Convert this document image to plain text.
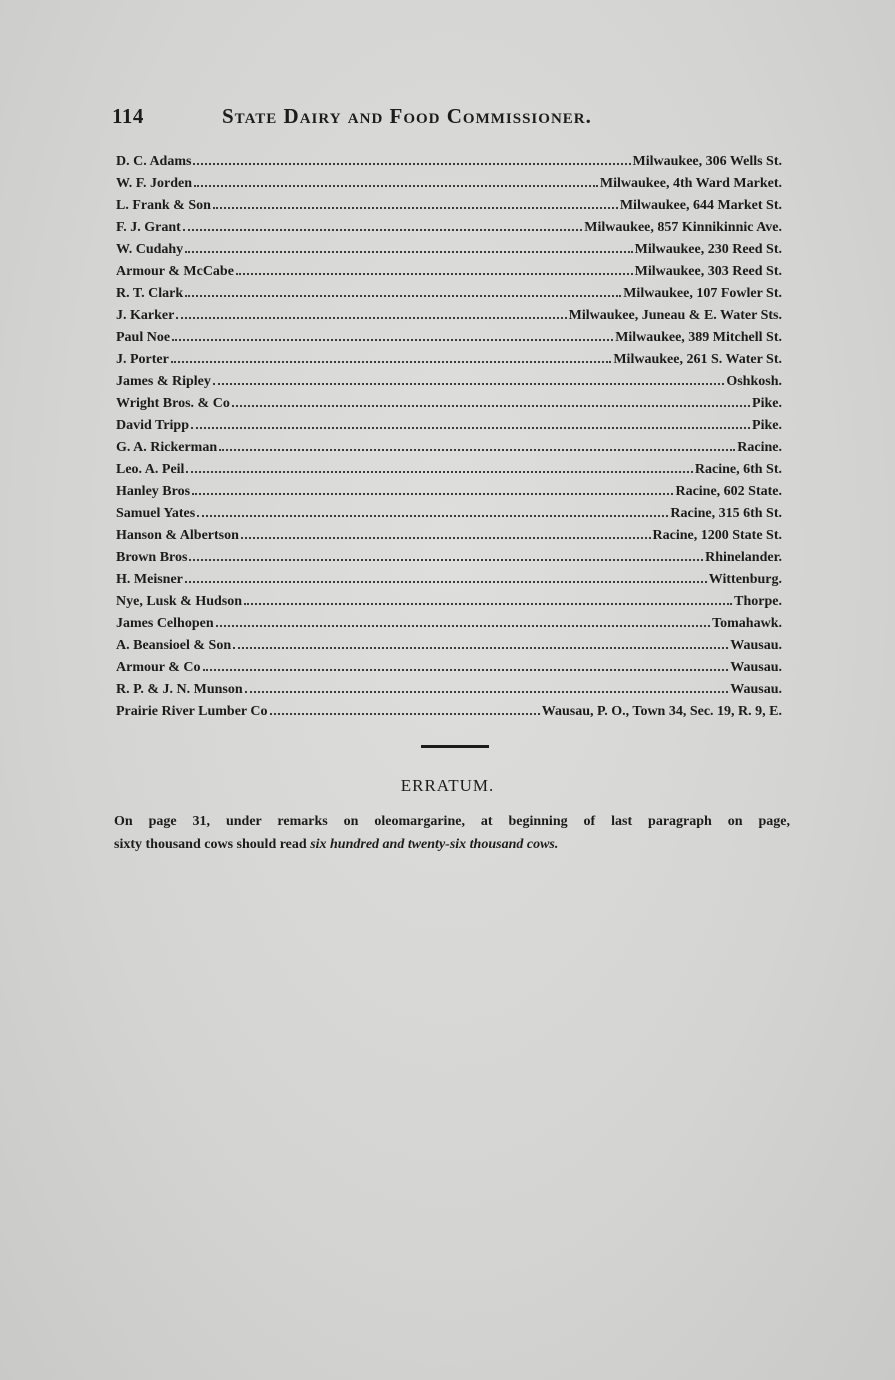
114	State Dairy and Food Commissioner.
D. C. Adams	Milwaukee, 306 Wells St.
W. F. Jorden	Milwaukee, 4th Ward Market.
L. Frank & Son	Milwaukee, 644 Market St.
F. J. Grant	Milwaukee, 857 Kinnikinnic Ave.
W. Cudahy	Milwaukee, 230 Reed St.
Armour & McCabe	Milwaukee, 303 Reed St.
R. T. Clark	Milwaukee, 107 Fowler St.
J. Karker	Milwaukee, Juneau & E. Water Sts.
Paul Noe	Milwaukee, 389 Mitchell St.
J. Porter	Milwaukee, 261 S. Water St.
James & Ripley	Oshkosh.
Wright Bros. & Co	Pike.
David Tripp	Pike.
G. A. Rickerman	Racine.
Leo. A. Peil	Racine, 6th St.
Hanley Bros	Racine, 602 State.
Samuel Yates	Racine, 315 6th St.
Hanson & Albertson	Racine, 1200 State St.
Brown Bros	Rhinelander.
H. Meisner	Wittenburg.
Nye, Lusk & Hudson	Thorpe.
James Celhopen	Tomahawk.
A. Beansioel & Son	Wausau.
Armour & Co	Wausau.
R. P. & J. N. Munson	Wausau.
Prairie River Lumber Co	Wausau, P. O., Town 34, Sec. 19, R. 9, E.
ERRATUM.
On page 31, under remarks on oleomargarine, at beginning of last paragraph on page,
sixty thousand cows should read six hundred and twenty-six thousand cows.
